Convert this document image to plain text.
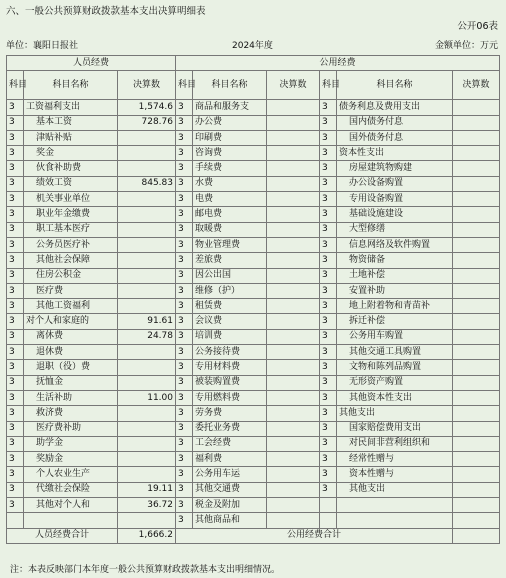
六、一般公共预算财政拨款基本支出决算明细表
公开06表
单位：襄阳日报社	2024年度	金额单位：万元
人员经费			公用经费					
科目	科目名称	决算数	科目	科目名称	决算数	科目	科目名称	决算数
3	工资福利支出	1,574.6	3	商品和服务支		3	债务利息及费用支出	
3	基本工资	728.76	3	办公费		3	国内债务付息	
3	津贴补贴		3	印刷费		3	国外债务付息	
3	奖金		3	咨询费		3	资本性支出	
3	伙食补助费		3	手续费		3	房屋建筑物购建	
3	绩效工资	845.83	3	水费		3	办公设备购置	
3	机关事业单位		3	电费		3	专用设备购置	
3	职业年金缴费		3	邮电费		3	基础设施建设	
3	职工基本医疗		3	取暖费		3	大型修缮	
3	公务员医疗补		3	物业管理费		3	信息网络及软件购置	
3	其他社会保障		3	差旅费		3	物资储备	
3	住房公积金		3	因公出国		3	土地补偿	
3	医疗费		3	维修（护）		3	安置补助	
3	其他工资福利		3	租赁费		3	地上附着物和青苗补	
3	对个人和家庭的	91.61	3	会议费		3	拆迁补偿	
3	离休费	24.78	3	培训费		3	公务用车购置	
3	退休费		3	公务接待费		3	其他交通工具购置	
3	退职（役）费		3	专用材料费		3	文物和陈列品购置	
3	抚恤金		3	被装购置费		3	无形资产购置	
3	生活补助	11.00	3	专用燃料费		3	其他资本性支出	
3	救济费		3	劳务费		3	其他支出	
3	医疗费补助		3	委托业务费		3	国家赔偿费用支出	
3	助学金		3	工会经费		3	对民间非营利组织和	
3	奖励金		3	福利费		3	经常性赠与	
3	个人农业生产		3	公务用车运		3	资本性赠与	
3	代缴社会保险	19.11	3	其他交通费		3	其他支出	
3	其他对个人和	36.72	3	税金及附加				
			3	其他商品和				
人员经费合计		1,666.2	公用经费合计					
注：本表反映部门本年度一般公共预算财政拨款基本支出明细情况。
